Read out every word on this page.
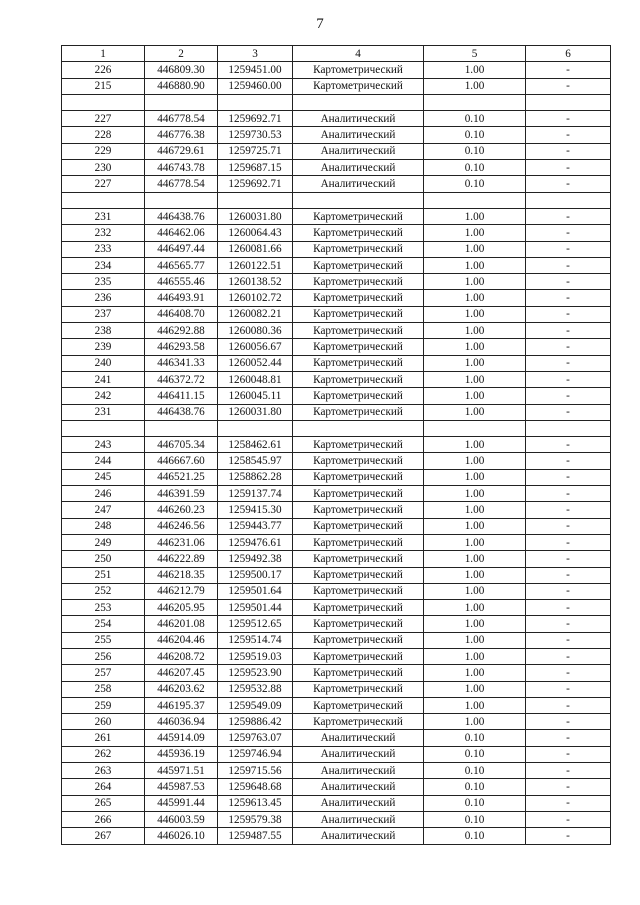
7
1	2	3	4	5	6
226	446809.30	1259451.00	Картометрический	1.00	-
215	446880.90	1259460.00	Картометрический	1.00	-

227	446778.54	1259692.71	Аналитический	0.10	-
228	446776.38	1259730.53	Аналитический	0.10	-
229	446729.61	1259725.71	Аналитический	0.10	-
230	446743.78	1259687.15	Аналитический	0.10	-
227	446778.54	1259692.71	Аналитический	0.10	-

231	446438.76	1260031.80	Картометрический	1.00	-
232	446462.06	1260064.43	Картометрический	1.00	-
233	446497.44	1260081.66	Картометрический	1.00	-
234	446565.77	1260122.51	Картометрический	1.00	-
235	446555.46	1260138.52	Картометрический	1.00	-
236	446493.91	1260102.72	Картометрический	1.00	-
237	446408.70	1260082.21	Картометрический	1.00	-
238	446292.88	1260080.36	Картометрический	1.00	-
239	446293.58	1260056.67	Картометрический	1.00	-
240	446341.33	1260052.44	Картометрический	1.00	-
241	446372.72	1260048.81	Картометрический	1.00	-
242	446411.15	1260045.11	Картометрический	1.00	-
231	446438.76	1260031.80	Картометрический	1.00	-

243	446705.34	1258462.61	Картометрический	1.00	-
244	446667.60	1258545.97	Картометрический	1.00	-
245	446521.25	1258862.28	Картометрический	1.00	-
246	446391.59	1259137.74	Картометрический	1.00	-
247	446260.23	1259415.30	Картометрический	1.00	-
248	446246.56	1259443.77	Картометрический	1.00	-
249	446231.06	1259476.61	Картометрический	1.00	-
250	446222.89	1259492.38	Картометрический	1.00	-
251	446218.35	1259500.17	Картометрический	1.00	-
252	446212.79	1259501.64	Картометрический	1.00	-
253	446205.95	1259501.44	Картометрический	1.00	-
254	446201.08	1259512.65	Картометрический	1.00	-
255	446204.46	1259514.74	Картометрический	1.00	-
256	446208.72	1259519.03	Картометрический	1.00	-
257	446207.45	1259523.90	Картометрический	1.00	-
258	446203.62	1259532.88	Картометрический	1.00	-
259	446195.37	1259549.09	Картометрический	1.00	-
260	446036.94	1259886.42	Картометрический	1.00	-
261	445914.09	1259763.07	Аналитический	0.10	-
262	445936.19	1259746.94	Аналитический	0.10	-
263	445971.51	1259715.56	Аналитический	0.10	-
264	445987.53	1259648.68	Аналитический	0.10	-
265	445991.44	1259613.45	Аналитический	0.10	-
266	446003.59	1259579.38	Аналитический	0.10	-
267	446026.10	1259487.55	Аналитический	0.10	-
